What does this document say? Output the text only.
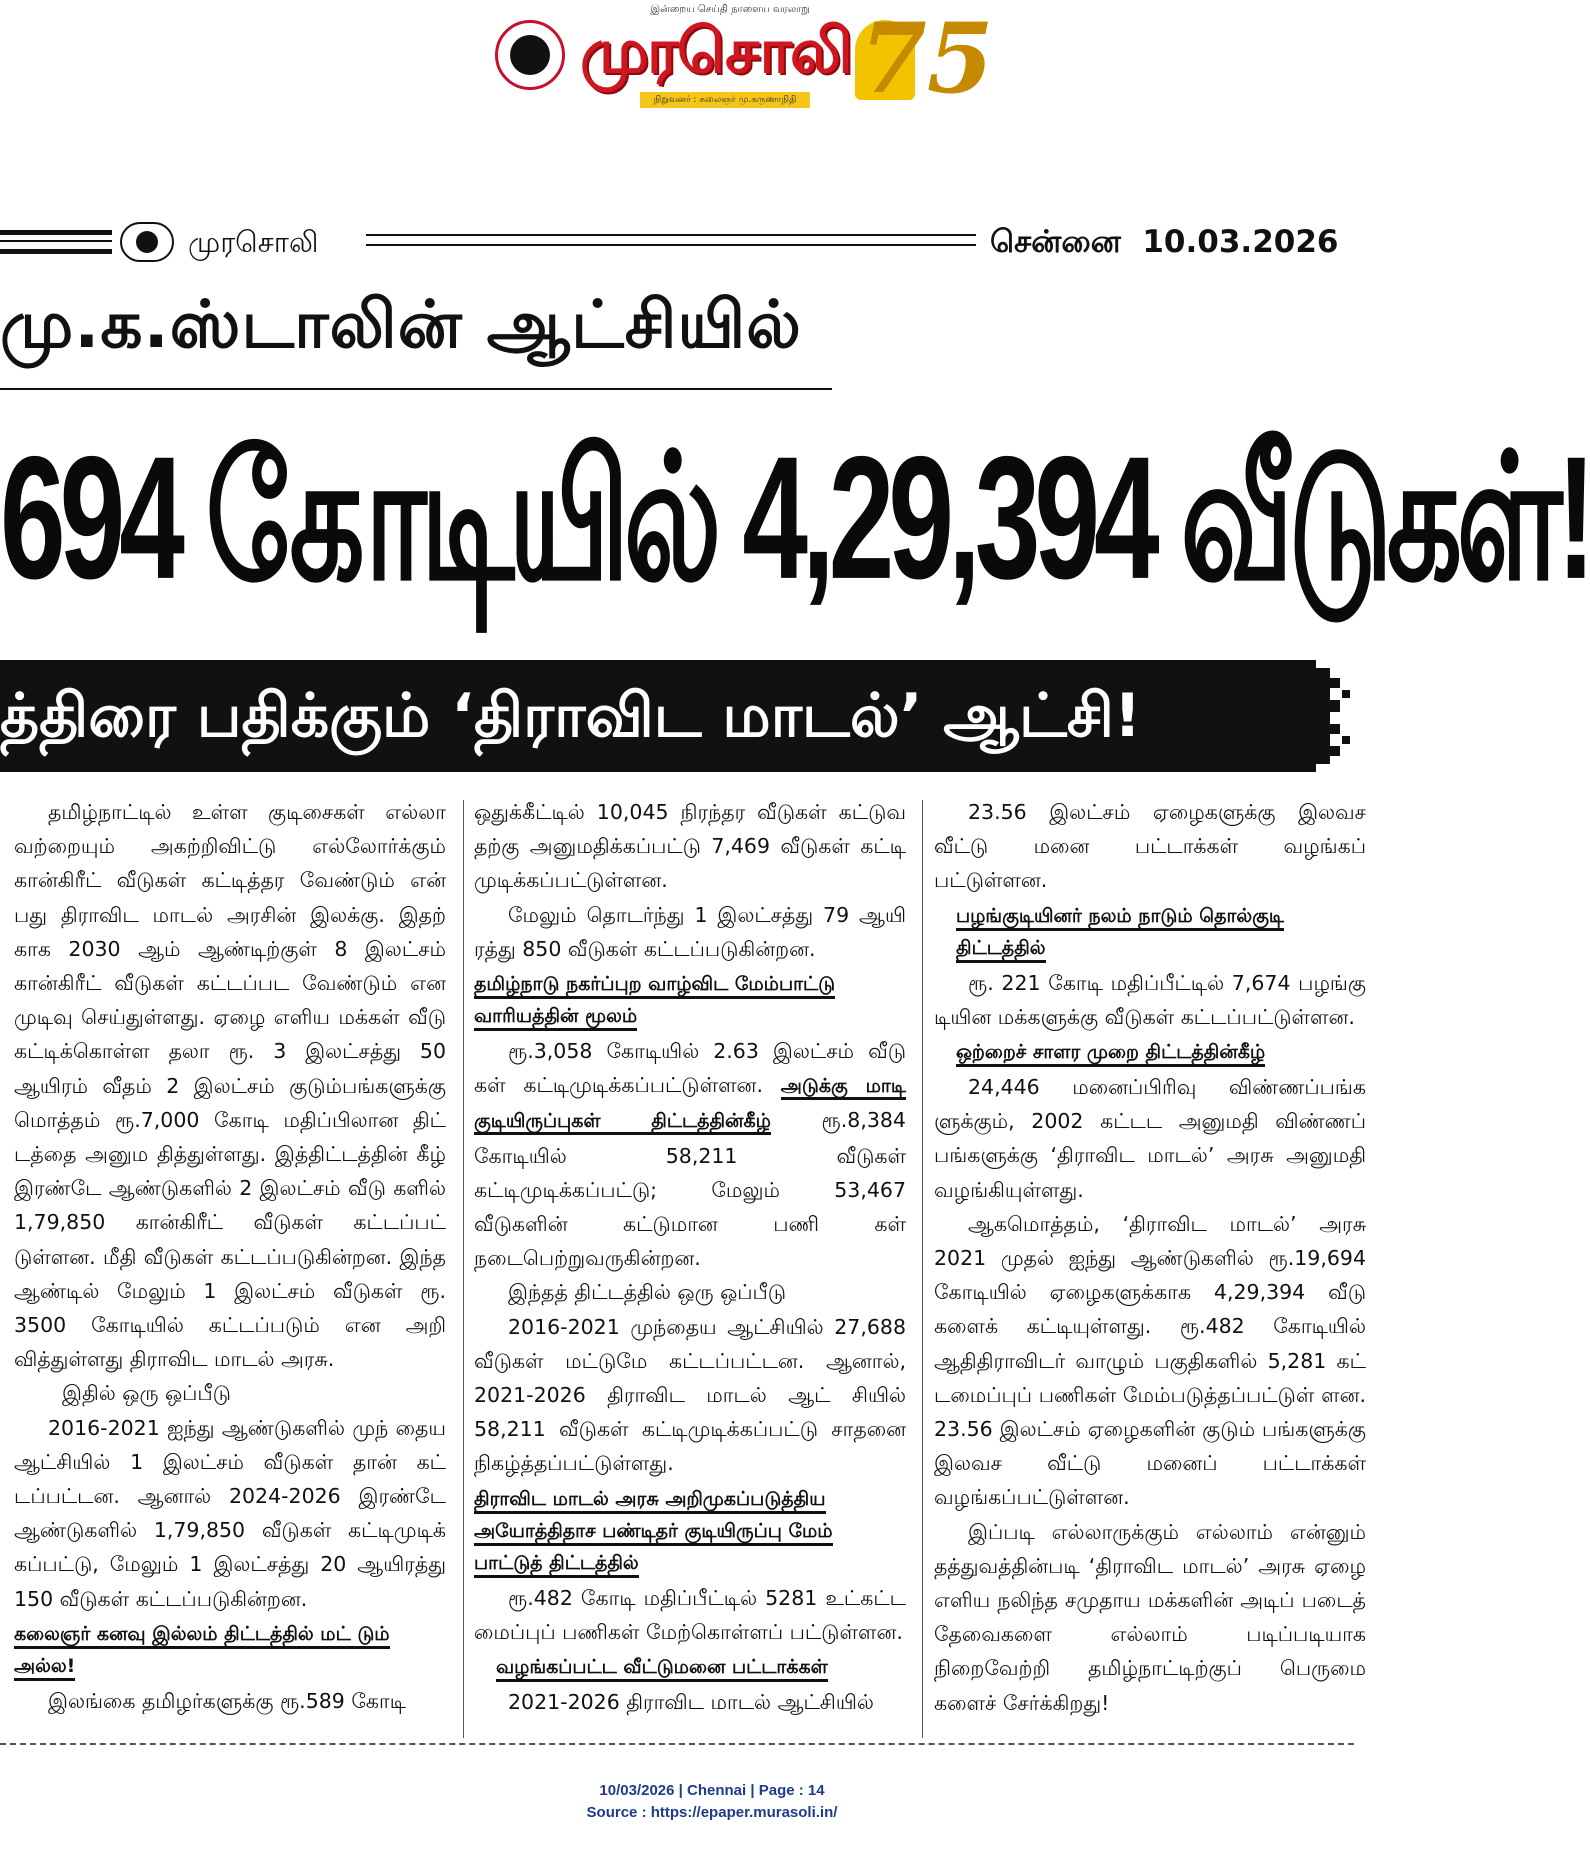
இன்றைய செய்தி நாளைய வரலாறு
முரசொலி
நிறுவனர் : கலைஞர் மு.கருணாநிதி 75
முரசொலி	சென்னை 10.03.2026
மு.க.ஸ்டாலின் ஆட்சியில்
694 கோடியில் 4,29,394 வீடுகள்!
த்திரை பதிக்கும் ‘திராவிட மாடல்’ ஆட்சி!

தமிழ்நாட்டில் உள்ள குடிசைகள் எல்லா வற்றையும் அகற்றிவிட்டு எல்லோர்க்கும் கான்கிரீட் வீடுகள் கட்டித்தர வேண்டும் என் பது திராவிட மாடல் அரசின் இலக்கு. இதற் காக 2030 ஆம் ஆண்டிற்குள் 8 இலட்சம் கான்கிரீட் வீடுகள் கட்டப்பட வேண்டும் என முடிவு செய்துள்ளது. ஏழை எளிய மக்கள் வீடு கட்டிக்கொள்ள தலா ரூ. 3 இலட்சத்து 50 ஆயிரம் வீதம் 2 இலட்சம் குடும்பங்களுக்கு மொத்தம் ரூ.7,000 கோடி மதிப்பிலான திட் டத்தை அனும தித்துள்ளது. இத்திட்டத்தின் கீழ் இரண்டே ஆண்டுகளில் 2 இலட்சம் வீடு களில் 1,79,850 கான்கிரீட் வீடுகள் கட்டப்பட் டுள்ளன. மீதி வீடுகள் கட்டப்படுகின்றன. இந்த ஆண்டில் மேலும் 1 இலட்சம் வீடுகள் ரூ. 3500 கோடியில் கட்டப்படும் என அறி வித்துள்ளது திராவிட மாடல் அரசு.

இதில் ஒரு ஒப்பீடு

2016-2021 ஐந்து ஆண்டுகளில் முந் தைய ஆட்சியில் 1 இலட்சம் வீடுகள் தான் கட் டப்பட்டன. ஆனால் 2024-2026 இரண்டே ஆண்டுகளில் 1,79,850 வீடுகள் கட்டிமுடிக் கப்பட்டு, மேலும் 1 இலட்சத்து 20 ஆயிரத்து 150 வீடுகள் கட்டப்படுகின்றன.

கலைஞர் கனவு இல்லம் திட்டத்தில் மட் டும் அல்ல!

இலங்கை தமிழர்களுக்கு ரூ.589 கோடி

ஒதுக்கீட்டில் 10,045 நிரந்தர வீடுகள் கட்டுவ தற்கு அனுமதிக்கப்பட்டு 7,469 வீடுகள் கட்டி முடிக்கப்பட்டுள்ளன.

மேலும் தொடர்ந்து 1 இலட்சத்து 79 ஆயி ரத்து 850 வீடுகள் கட்டப்படுகின்றன.

தமிழ்நாடு நகர்ப்புற வாழ்விட மேம்பாட்டு வாரியத்தின் மூலம்

ரூ.3,058 கோடியில் 2.63 இலட்சம் வீடு கள் கட்டிமுடிக்கப்பட்டுள்ளன. அடுக்கு மாடி குடியிருப்புகள் திட்டத்தின்கீழ் ரூ.8,384 கோடியில் 58,211 வீடுகள் கட்டிமுடிக்கப்பட்டு; மேலும் 53,467 வீடுகளின் கட்டுமான பணி கள் நடைபெற்றுவருகின்றன.

இந்தத் திட்டத்தில் ஒரு ஒப்பீடு

2016-2021 முந்தைய ஆட்சியில் 27,688 வீடுகள் மட்டுமே கட்டப்பட்டன. ஆனால், 2021-2026 திராவிட மாடல் ஆட் சியில் 58,211 வீடுகள் கட்டிமுடிக்கப்பட்டு சாதனை நிகழ்த்தப்பட்டுள்ளது.

திராவிட மாடல் அரசு அறிமுகப்படுத்திய அயோத்திதாச பண்டிதர் குடியிருப்பு மேம் பாட்டுத் திட்டத்தில்

ரூ.482 கோடி மதிப்பீட்டில் 5281 உட்கட்ட மைப்புப் பணிகள் மேற்கொள்ளப் பட்டுள்ளன.

வழங்கப்பட்ட வீட்டுமனை பட்டாக்கள்

2021-2026 திராவிட மாடல் ஆட்சியில்

23.56 இலட்சம் ஏழைகளுக்கு இலவச வீட்டு மனை பட்டாக்கள் வழங்கப் பட்டுள்ளன.

பழங்குடியினர் நலம் நாடும் தொல்குடி திட்டத்தில்

ரூ. 221 கோடி மதிப்பீட்டில் 7,674 பழங்கு டியின மக்களுக்கு வீடுகள் கட்டப்பட்டுள்ளன.

ஒற்றைச் சாளர முறை திட்டத்தின்கீழ்

24,446 மனைப்பிரிவு விண்ணப்பங்க ளுக்கும், 2002 கட்டட அனுமதி விண்ணப் பங்களுக்கு ‘திராவிட மாடல்’ அரசு அனுமதி வழங்கியுள்ளது.

ஆகமொத்தம், ‘திராவிட மாடல்’ அரசு 2021 முதல் ஐந்து ஆண்டுகளில் ரூ.19,694 கோடியில் ஏழைகளுக்காக 4,29,394 வீடு களைக் கட்டியுள்ளது. ரூ.482 கோடியில் ஆதிதிராவிடர் வாழும் பகுதிகளில் 5,281 கட் டமைப்புப் பணிகள் மேம்படுத்தப்பட்டுள் ளன. 23.56 இலட்சம் ஏழைகளின் குடும் பங்களுக்கு இலவச வீட்டு மனைப் பட்டாக்கள் வழங்கப்பட்டுள்ளன.

இப்படி எல்லாருக்கும் எல்லாம் என்னும் தத்துவத்தின்படி ‘திராவிட மாடல்’ அரசு ஏழை எளிய நலிந்த சமுதாய மக்களின் அடிப் படைத் தேவைகளை எல்லாம் படிப்படியாக நிறைவேற்றி தமிழ்நாட்டிற்குப் பெருமை களைச் சேர்க்கிறது!

10/03/2026 | Chennai | Page : 14
Source : https://epaper.murasoli.in/
